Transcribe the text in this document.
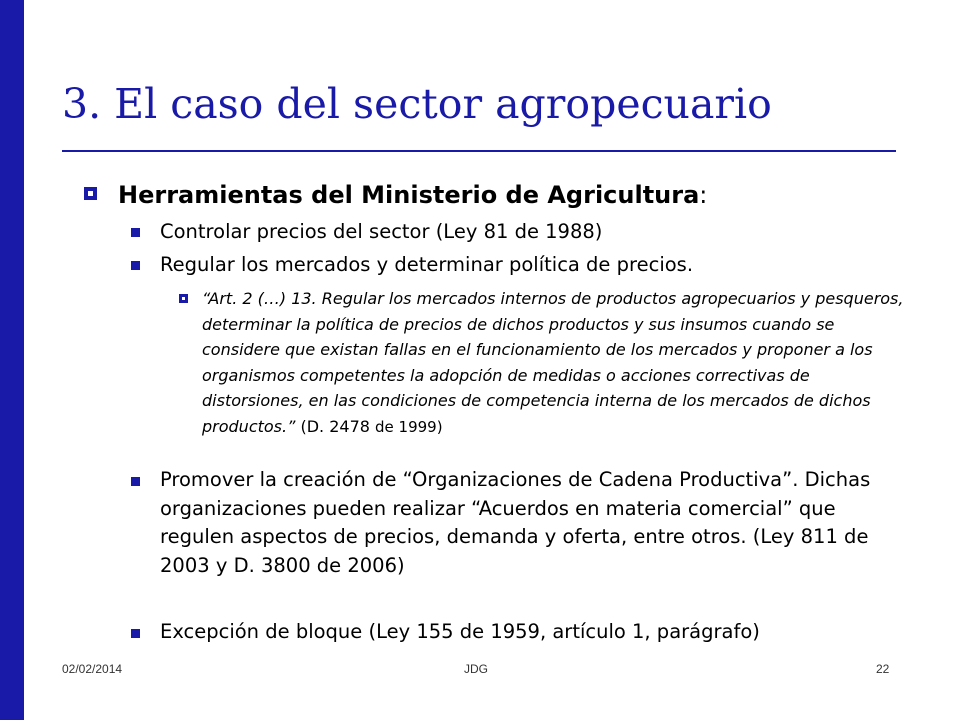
3. El caso del sector agropecuario
Herramientas del Ministerio de Agricultura:
Controlar precios del sector (Ley 81 de 1988)
Regular los mercados y determinar política de precios.
“Art. 2 (…) 13. Regular los mercados internos de productos agropecuarios y pesqueros, determinar la política de precios de dichos productos y sus insumos cuando se considere que existan fallas en el funcionamiento de los mercados y proponer a los organismos competentes la adopción de medidas o acciones correctivas de distorsiones, en las condiciones de competencia interna de los mercados de dichos productos.” (D. 2478 de 1999)
Promover la creación de “Organizaciones de Cadena Productiva”. Dichas organizaciones pueden realizar “Acuerdos en materia comercial” que regulen aspectos de precios, demanda y oferta, entre otros. (Ley 811 de 2003 y D. 3800 de 2006)
Excepción de bloque (Ley 155 de 1959, artículo 1, parágrafo)
02/02/2014	JDG	22
